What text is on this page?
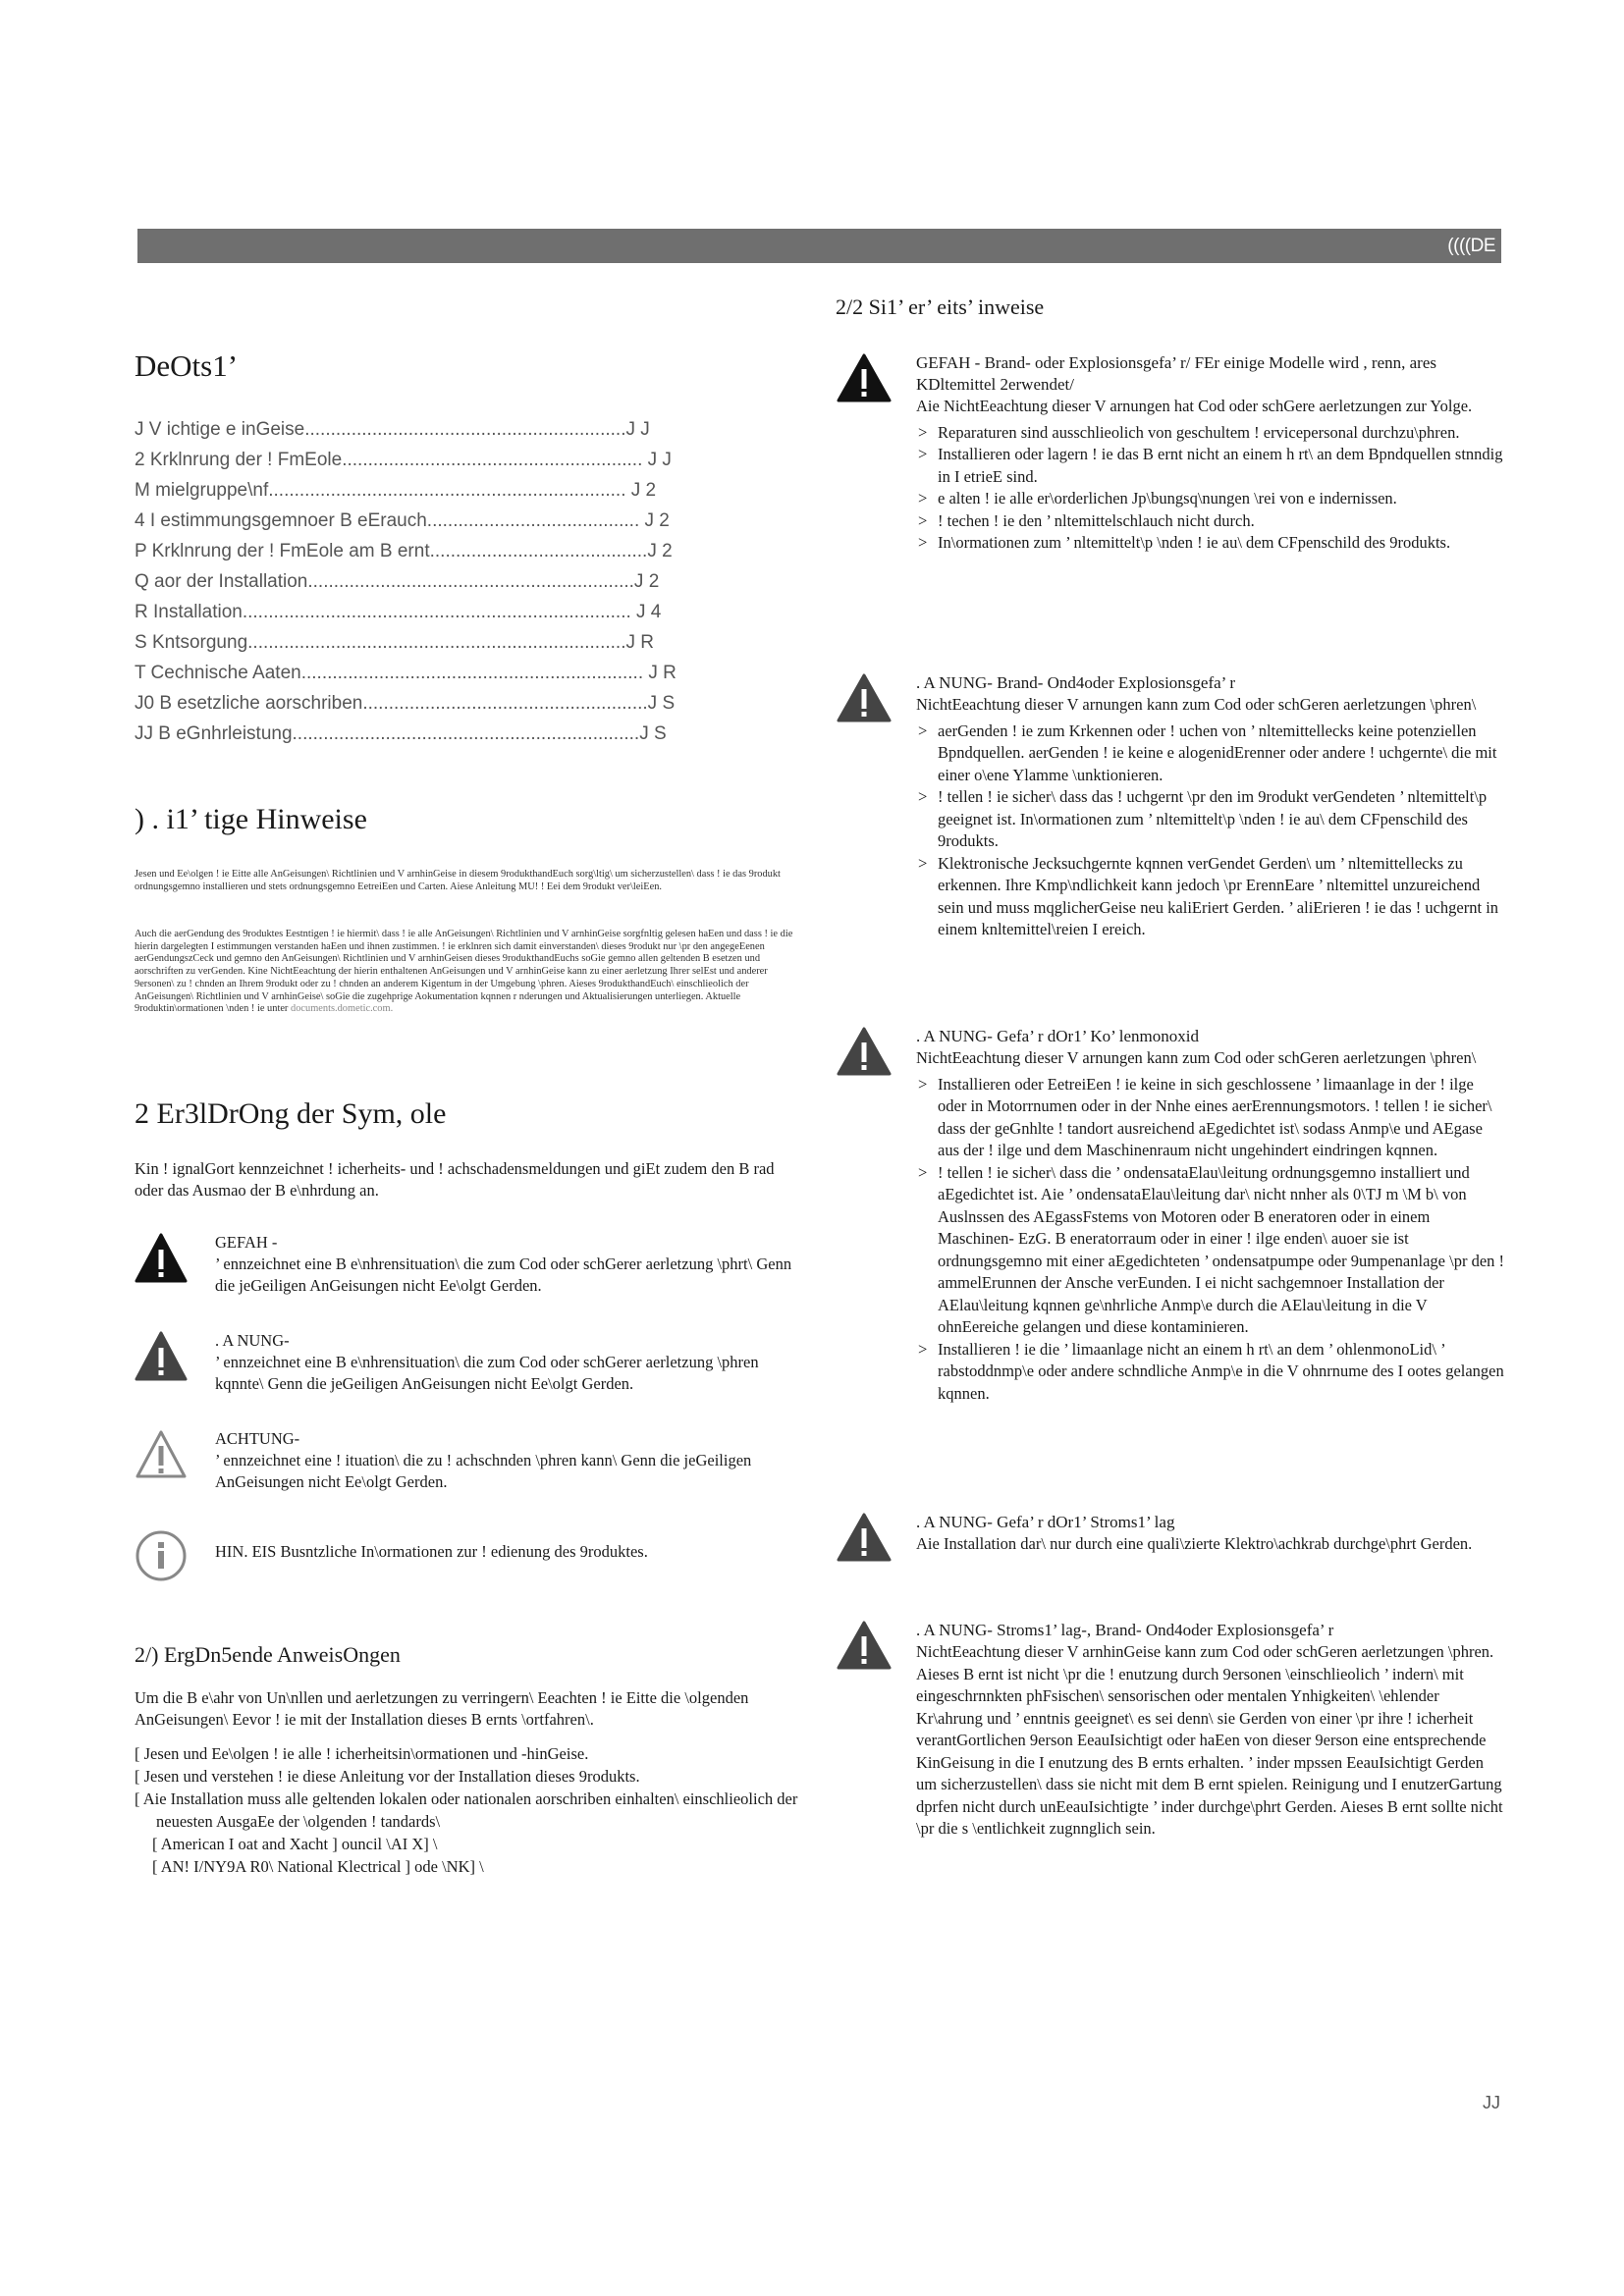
((((DE
DeOts1’
J V ichtige e inGeise..............................................................J J
2 Krklnrung der ! FmEole.......................................................... J J
M mielgruppe\nf..................................................................... J 2
4 I estimmungsgemnoer B eErauch......................................... J 2
P Krklnrung der ! FmEole am B ernt..........................................J 2
Q aor der Installation...............................................................J 2
R Installation........................................................................... J 4
S Kntsorgung.........................................................................J R
T Cechnische Aaten.................................................................. J R
J0 B esetzliche aorschriben.......................................................J S
JJ B eGnhrleistung...................................................................J S
) . i1’ tige Hinweise

Jesen und Ee\olgen ! ie Eitte alle AnGeisungen\ Richtlinien und V arnhinGeise in diesem 9rodukthandEuch sorg\ltig\ um sicherzustellen\ dass ! ie das 9rodukt ordnungsgemno installieren und stets ordnungsgemno EetreiEen und Carten. Aiese Anleitung MU! ! Eei dem 9rodukt ver\leiEen.

Auch die aerGendung des 9roduktes Eestntigen ! ie hiermit\ dass ! ie alle AnGeisungen\ Richtlinien und V arnhinGeise sorgfnltig gelesen haEen und dass ! ie die hierin dargelegten I estimmungen verstanden haEen und ihnen zustimmen. ! ie erklnren sich damit einverstanden\ dieses 9rodukt nur \pr den angegeEenen aerGendungszCeck und gemno den AnGeisungen\ Richtlinien und V arnhinGeisen dieses 9rodukthandEuchs soGie gemno allen geltenden B esetzen und aorschriften zu verGenden. Kine NichtEeachtung der hierin enthaltenen AnGeisungen und V arnhinGeise kann zu einer aerletzung Ihrer selEst und anderer 9ersonen\ zu ! chnden an Ihrem 9rodukt oder zu ! chnden an anderem Kigentum in der Umgebung \phren. Aieses 9rodukthandEuch\ einschlieolich der AnGeisungen\ Richtlinien und V arnhinGeise\ soGie die zugehprige Aokumentation kqnnen r nderungen und Aktualisierungen unterliegen. Aktuelle 9roduktin\ormationen \nden ! ie unter documents.dometic.com.

2 Er3lDrOng der Sym, ole

Kin ! ignalGort kennzeichnet ! icherheits- und ! achschadensmeldungen und giEt zudem den B rad oder das Ausmao der B e\nhrdung an.

GEFAH -
’ ennzeichnet eine B e\nhrensituation\ die zum Cod oder schGerer aerletzung \phrt\ Genn die jeGeiligen AnGeisungen nicht Ee\olgt Gerden.
. A NUNG-
’ ennzeichnet eine B e\nhrensituation\ die zum Cod oder schGerer aerletzung \phren kqnnte\ Genn die jeGeiligen AnGeisungen nicht Ee\olgt Gerden.
ACHTUNG-
’ ennzeichnet eine ! ituation\ die zu ! achschnden \phren kann\ Genn die jeGeiligen AnGeisungen nicht Ee\olgt Gerden.
HIN. EIS Busntzliche In\ormationen zur ! edienung des 9roduktes.
2/) ErgDn5ende AnweisOngen

Um die B e\ahr von Un\nllen und aerletzungen zu verringern\ Eeachten ! ie Eitte die \olgenden AnGeisungen\ Eevor ! ie mit der Installation dieses B ernts \ortfahren\.

[ Jesen und Ee\olgen ! ie alle ! icherheitsin\ormationen und -hinGeise.
[ Jesen und verstehen ! ie diese Anleitung vor der Installation dieses 9rodukts.
[ Aie Installation muss alle geltenden lokalen oder nationalen aorschriben einhalten\ einschlieolich der neuesten AusgaEe der \olgenden ! tandards\
[ American I oat and Xacht ] ouncil \AI X] \
[ AN! I/NY9A R0\ National Klectrical ] ode \NK] \
2/2 Si1’ er’ eits’ inweise

GEFAH - Brand- oder Explosionsgefa’ r/ FEr einige Modelle wird , renn, ares KDltemittel 2erwendet/

Aie NichtEeachtung dieser V arnungen hat Cod oder schGere aerletzungen zur Yolge.

> Reparaturen sind ausschlieolich von geschultem ! ervicepersonal durchzu\phren.
> Installieren oder lagern ! ie das B ernt nicht an einem h rt\ an dem Bpndquellen stnndig in I etrieE sind.
> e alten ! ie alle er\orderlichen Jp\bungsq\nungen \rei von e indernissen.
> ! techen ! ie den ’ nltemittelschlauch nicht durch.
> In\ormationen zum ’ nltemittelt\p \nden ! ie au\ dem CFpenschild des 9rodukts.

. A NUNG- Brand- Ond4oder Explosionsgefa’ r

NichtEeachtung dieser V arnungen kann zum Cod oder schGeren aerletzungen \phren\

> aerGenden ! ie zum Krkennen oder ! uchen von ’ nltemittellecks keine potenziellen Bpndquellen. aerGenden ! ie keine e alogenidErenner oder andere ! uchgernte\ die mit einer o\ene Ylamme \unktionieren.
> ! tellen ! ie sicher\ dass das ! uchgernt \pr den im 9rodukt verGendeten ’ nltemittelt\p geeignet ist. In\ormationen zum ’ nltemittelt\p \nden ! ie au\ dem CFpenschild des 9rodukts.
> Klektronische Jecksuchgernte kqnnen verGendet Gerden\ um ’ nltemittellecks zu erkennen. Ihre Kmp\ndlichkeit kann jedoch \pr ErennEare ’ nltemittel unzureichend sein und muss mqglicherGeise neu kaliEriert Gerden. ’ aliErieren ! ie das ! uchgernt in einem knltemittel\reien I ereich.

. A NUNG- Gefa’ r dOr1’ Ko’ lenmonoxid

NichtEeachtung dieser V arnungen kann zum Cod oder schGeren aerletzungen \phren\

> Installieren oder EetreiEen ! ie keine in sich geschlossene ’ limaanlage in der ! ilge oder in Motorrnumen oder in der Nnhe eines aerErennungsmotors. ! tellen ! ie sicher\ dass der geGnhlte ! tandort ausreichend aEgedichtet ist\ sodass Anmp\e und AEgase aus der ! ilge und dem Maschinenraum nicht ungehindert eindringen kqnnen.
> ! tellen ! ie sicher\ dass die ’ ondensataElau\leitung ordnungsgemno installiert und aEgedichtet ist. Aie ’ ondensataElau\leitung dar\ nicht nnher als 0\TJ m \M b\ von Auslnssen des AEgassFstems von Motoren oder B eneratoren oder in einem Maschinen- EzG. B eneratorraum oder in einer ! ilge enden\ auoer sie ist ordnungsgemno mit einer aEgedichteten ’ ondensatpumpe oder 9umpenanlage \pr den ! ammelErunnen der Ansche verEunden. I ei nicht sachgemnoer Installation der AElau\leitung kqnnen ge\nhrliche Anmp\e durch die AElau\leitung in die V ohnEereiche gelangen und diese kontaminieren.
> Installieren ! ie die ’ limaanlage nicht an einem h rt\ an dem ’ ohlenmonoLid\ ’ rabstoddnmp\e oder andere schndliche Anmp\e in die V ohnrnume des I ootes gelangen kqnnen.

. A NUNG- Gefa’ r dOr1’ Stroms1’ lag

Aie Installation dar\ nur durch eine quali\zierte Klektro\achkrab durchge\phrt Gerden.

. A NUNG- Stroms1’ lag-, Brand- Ond4oder Explosionsgefa’ r

NichtEeachtung dieser V arnhinGeise kann zum Cod oder schGeren aerletzungen \phren.

Aieses B ernt ist nicht \pr die ! enutzung durch 9ersonen \einschlieolich ’ indern\ mit eingeschrnnkten phFsischen\ sensorischen oder mentalen Ynhigkeiten\ \ehlender Kr\ahrung und ’ enntnis geeignet\ es sei denn\ sie Gerden von einer \pr ihre ! icherheit verantGortlichen 9erson EeauIsichtigt oder haEen von dieser 9erson eine entsprechende KinGeisung in die I enutzung des B ernts erhalten. ’ inder mpssen EeauIsichtigt Gerden um sicherzustellen\ dass sie nicht mit dem B ernt spielen. Reinigung und I enutzerGartung dprfen nicht durch unEeauIsichtigte ’ inder durchge\phrt Gerden. Aieses B ernt sollte nicht \pr die s \entlichkeit zugnnglich sein.

JJ
